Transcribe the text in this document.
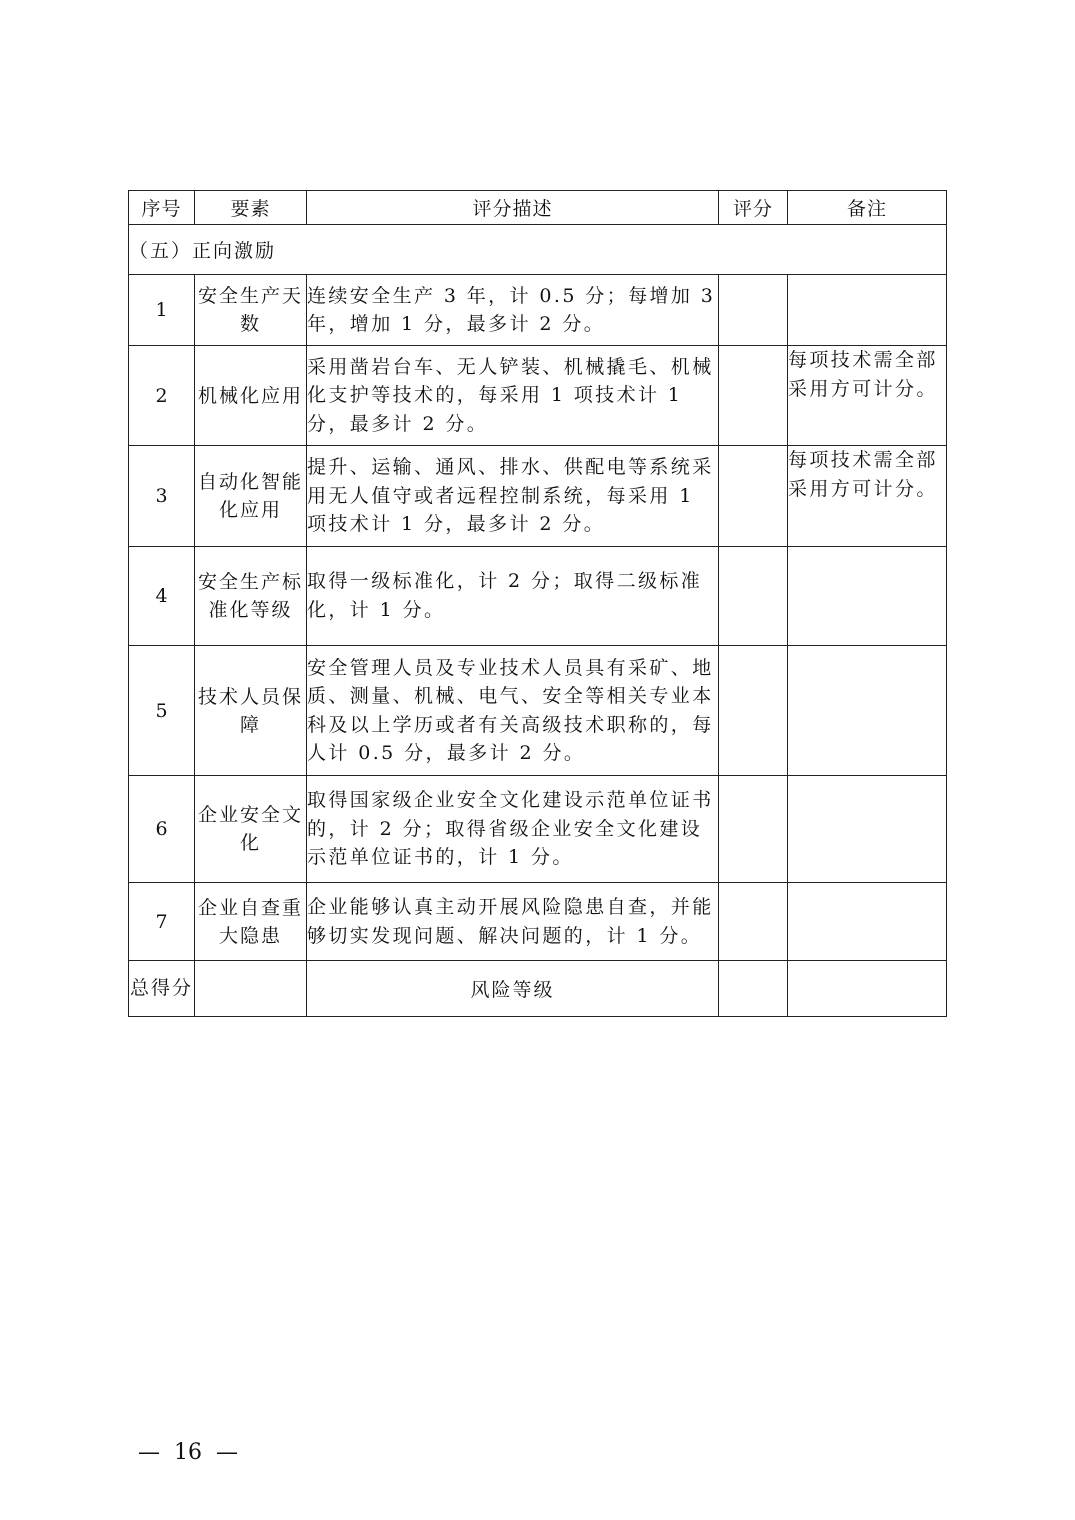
序号	要素	评分描述	评分	备注
（五）正向激励				
1	安全生产天数	连续安全生产 3 年，计 0.5 分；每增加 3 年，增加 1 分，最多计 2 分。		
2	机械化应用	采用凿岩台车、无人铲装、机械撬毛、机械化支护等技术的，每采用 1 项技术计 1 分，最多计 2 分。		每项技术需全部采用方可计分。
3	自动化智能化应用	提升、运输、通风、排水、供配电等系统采用无人值守或者远程控制系统，每采用 1 项技术计 1 分，最多计 2 分。		每项技术需全部采用方可计分。
4	安全生产标准化等级	取得一级标准化，计 2 分；取得二级标准化，计 1 分。		
5	技术人员保障	安全管理人员及专业技术人员具有采矿、地质、测量、机械、电气、安全等相关专业本科及以上学历或者有关高级技术职称的，每人计 0.5 分，最多计 2 分。		
6	企业安全文化	取得国家级企业安全文化建设示范单位证书的，计 2 分；取得省级企业安全文化建设示范单位证书的，计 1 分。		
7	企业自查重大隐患	企业能够认真主动开展风险隐患自查，并能够切实发现问题、解决问题的，计 1 分。		
总得分		风险等级		
—  16  —
